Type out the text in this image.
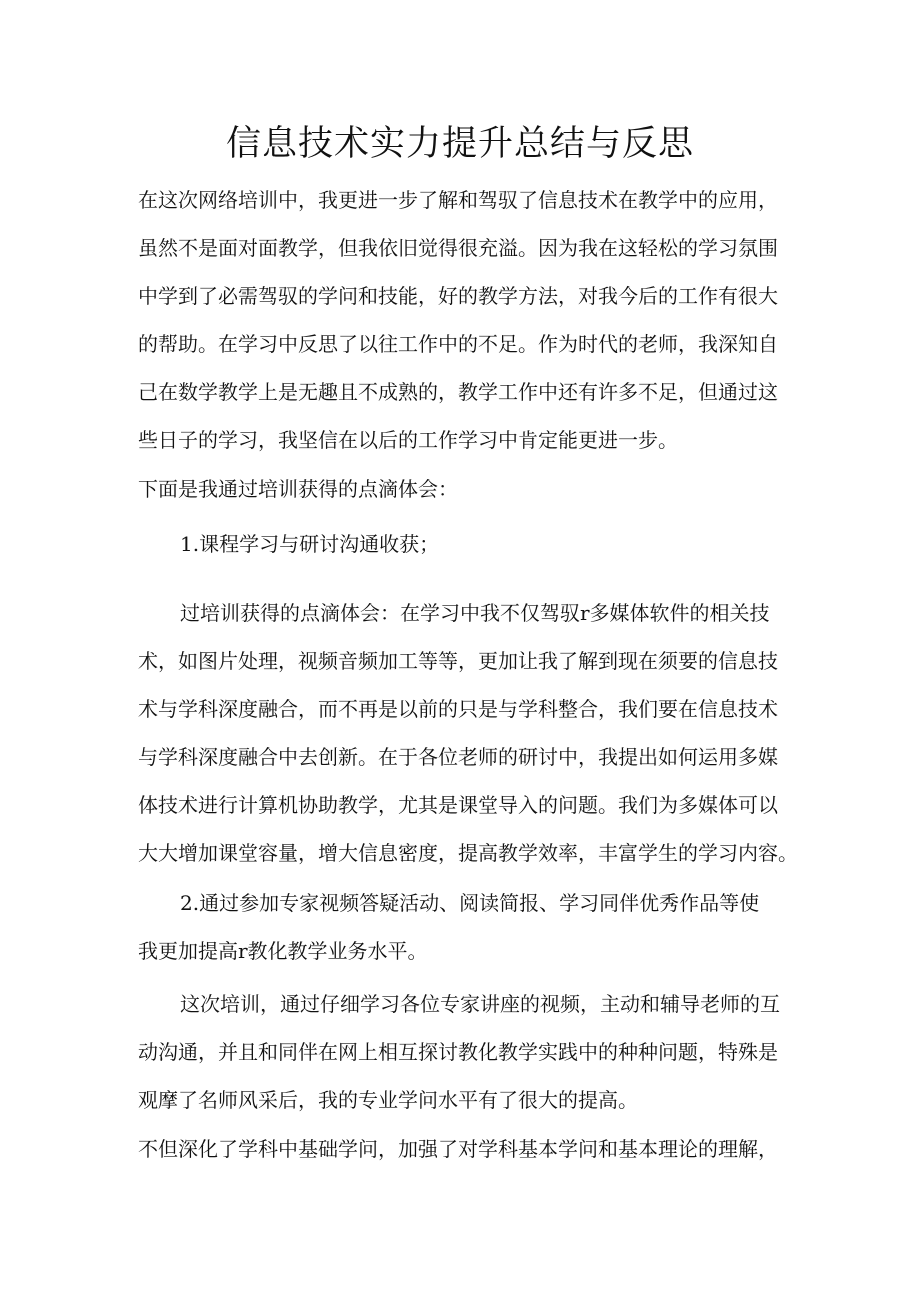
信息技术实力提升总结与反思

在这次网络培训中，我更进一步了解和驾驭了信息技术在教学中的应用，

虽然不是面对面教学，但我依旧觉得很充溢。因为我在这轻松的学习氛围

中学到了必需驾驭的学问和技能，好的教学方法，对我今后的工作有很大

的帮助。在学习中反思了以往工作中的不足。作为时代的老师，我深知自

己在数学教学上是无趣且不成熟的，教学工作中还有许多不足，但通过这

些日子的学习，我坚信在以后的工作学习中肯定能更进一步。

下面是我通过培训获得的点滴体会：

1.课程学习与研讨沟通收获；

过培训获得的点滴体会：在学习中我不仅驾驭r多媒体软件的相关技

术，如图片处理，视频音频加工等等，更加让我了解到现在须要的信息技

术与学科深度融合，而不再是以前的只是与学科整合，我们要在信息技术

与学科深度融合中去创新。在于各位老师的研讨中，我提出如何运用多媒

体技术进行计算机协助教学，尤其是课堂导入的问题。我们为多媒体可以

大大增加课堂容量，增大信息密度，提高教学效率，丰富学生的学习内容。

2.通过参加专家视频答疑活动、阅读简报、学习同伴优秀作品等使

我更加提高r教化教学业务水平。

这次培训，通过仔细学习各位专家讲座的视频，主动和辅导老师的互

动沟通，并且和同伴在网上相互探讨教化教学实践中的种种问题，特殊是

观摩了名师风采后，我的专业学问水平有了很大的提高。

不但深化了学科中基础学问，加强了对学科基本学问和基本理论的理解，
